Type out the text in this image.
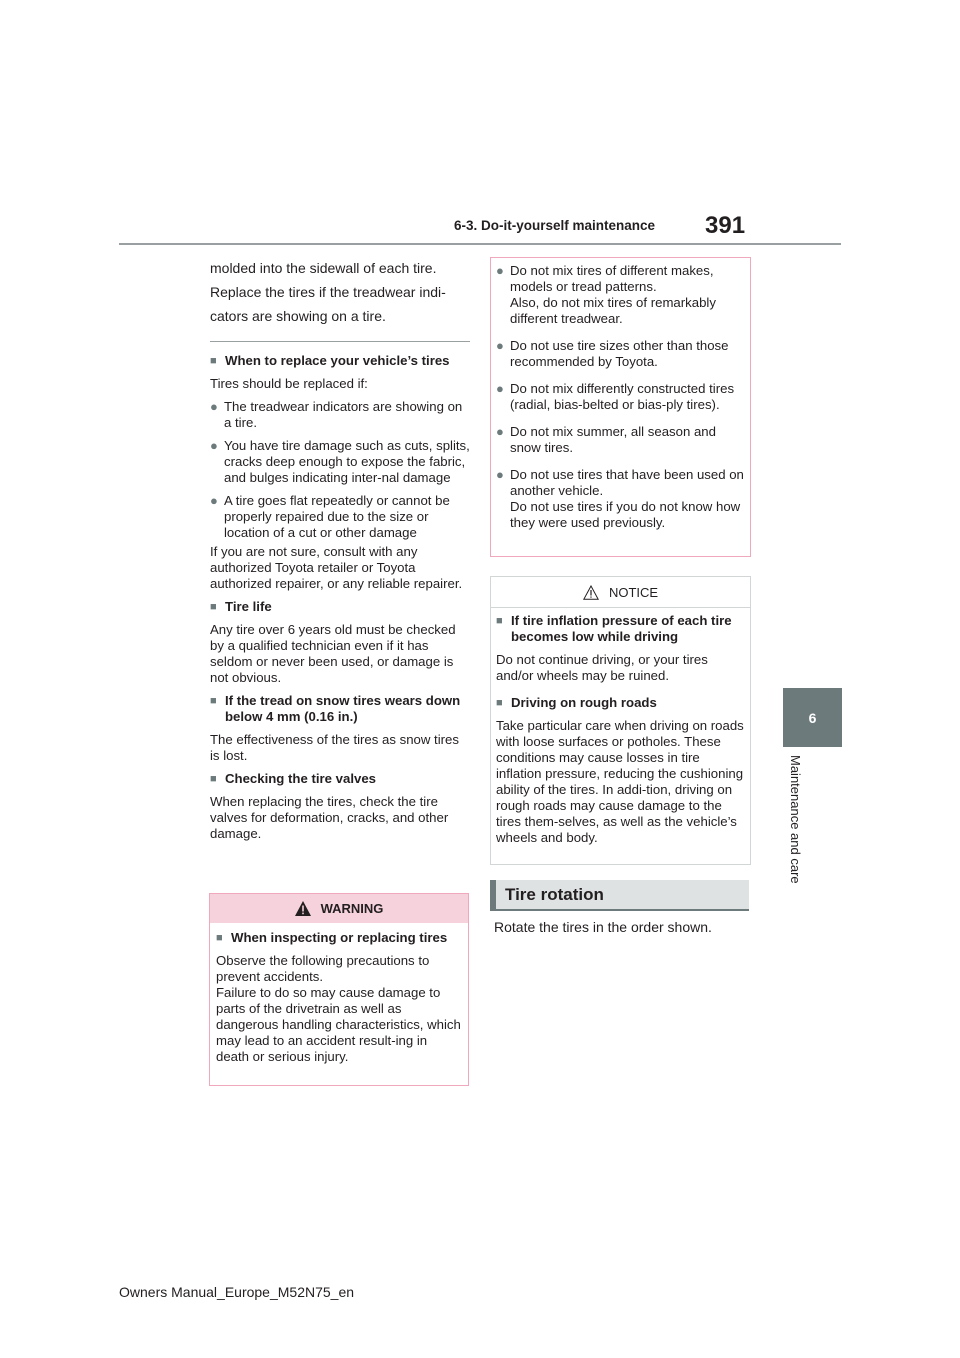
6-3. Do-it-yourself maintenance	391
6
Maintenance and care

molded into the sidewall of each tire.

Replace the tires if the treadwear indi-

cators are showing on a tire.

■ When to replace your vehicle’s tires

Tires should be replaced if:

● The treadwear indicators are showing on a tire.
● You have tire damage such as cuts, splits, cracks deep enough to expose the fabric, and bulges indicating inter-nal damage
● A tire goes flat repeatedly or cannot be properly repaired due to the size or location of a cut or other damage

If you are not sure, consult with any authorized Toyota retailer or Toyota authorized repairer, or any reliable repairer.

■ Tire life

Any tire over 6 years old must be checked by a qualified technician even if it has seldom or never been used, or damage is not obvious.

■ If the tread on snow tires wears down below 4 mm (0.16 in.)

The effectiveness of the tires as snow tires is lost.

■ Checking the tire valves

When replacing the tires, check the tire valves for deformation, cracks, and other damage.

WARNING
■ When inspecting or replacing tires
Observe the following precautions to prevent accidents.
Failure to do so may cause damage to parts of the drivetrain as well as dangerous handling characteristics, which may lead to an accident result-ing in death or serious injury.
● Do not mix tires of different makes, models or tread patterns.
Also, do not mix tires of remarkably different treadwear.
● Do not use tire sizes other than those recommended by Toyota.
● Do not mix differently constructed tires (radial, bias-belted or bias-ply tires).
● Do not mix summer, all season and snow tires.
● Do not use tires that have been used on another vehicle.
Do not use tires if you do not know how they were used previously.
NOTICE
■ If tire inflation pressure of each tire becomes low while driving

Do not continue driving, or your tires and/or wheels may be ruined.

■ Driving on rough roads

Take particular care when driving on roads with loose surfaces or potholes. These conditions may cause losses in tire inflation pressure, reducing the cushioning ability of the tires. In addi-tion, driving on rough roads may cause damage to the tires them-selves, as well as the vehicle’s wheels and body.

Tire rotation
Rotate the tires in the order shown.
Owners Manual_Europe_M52N75_en
